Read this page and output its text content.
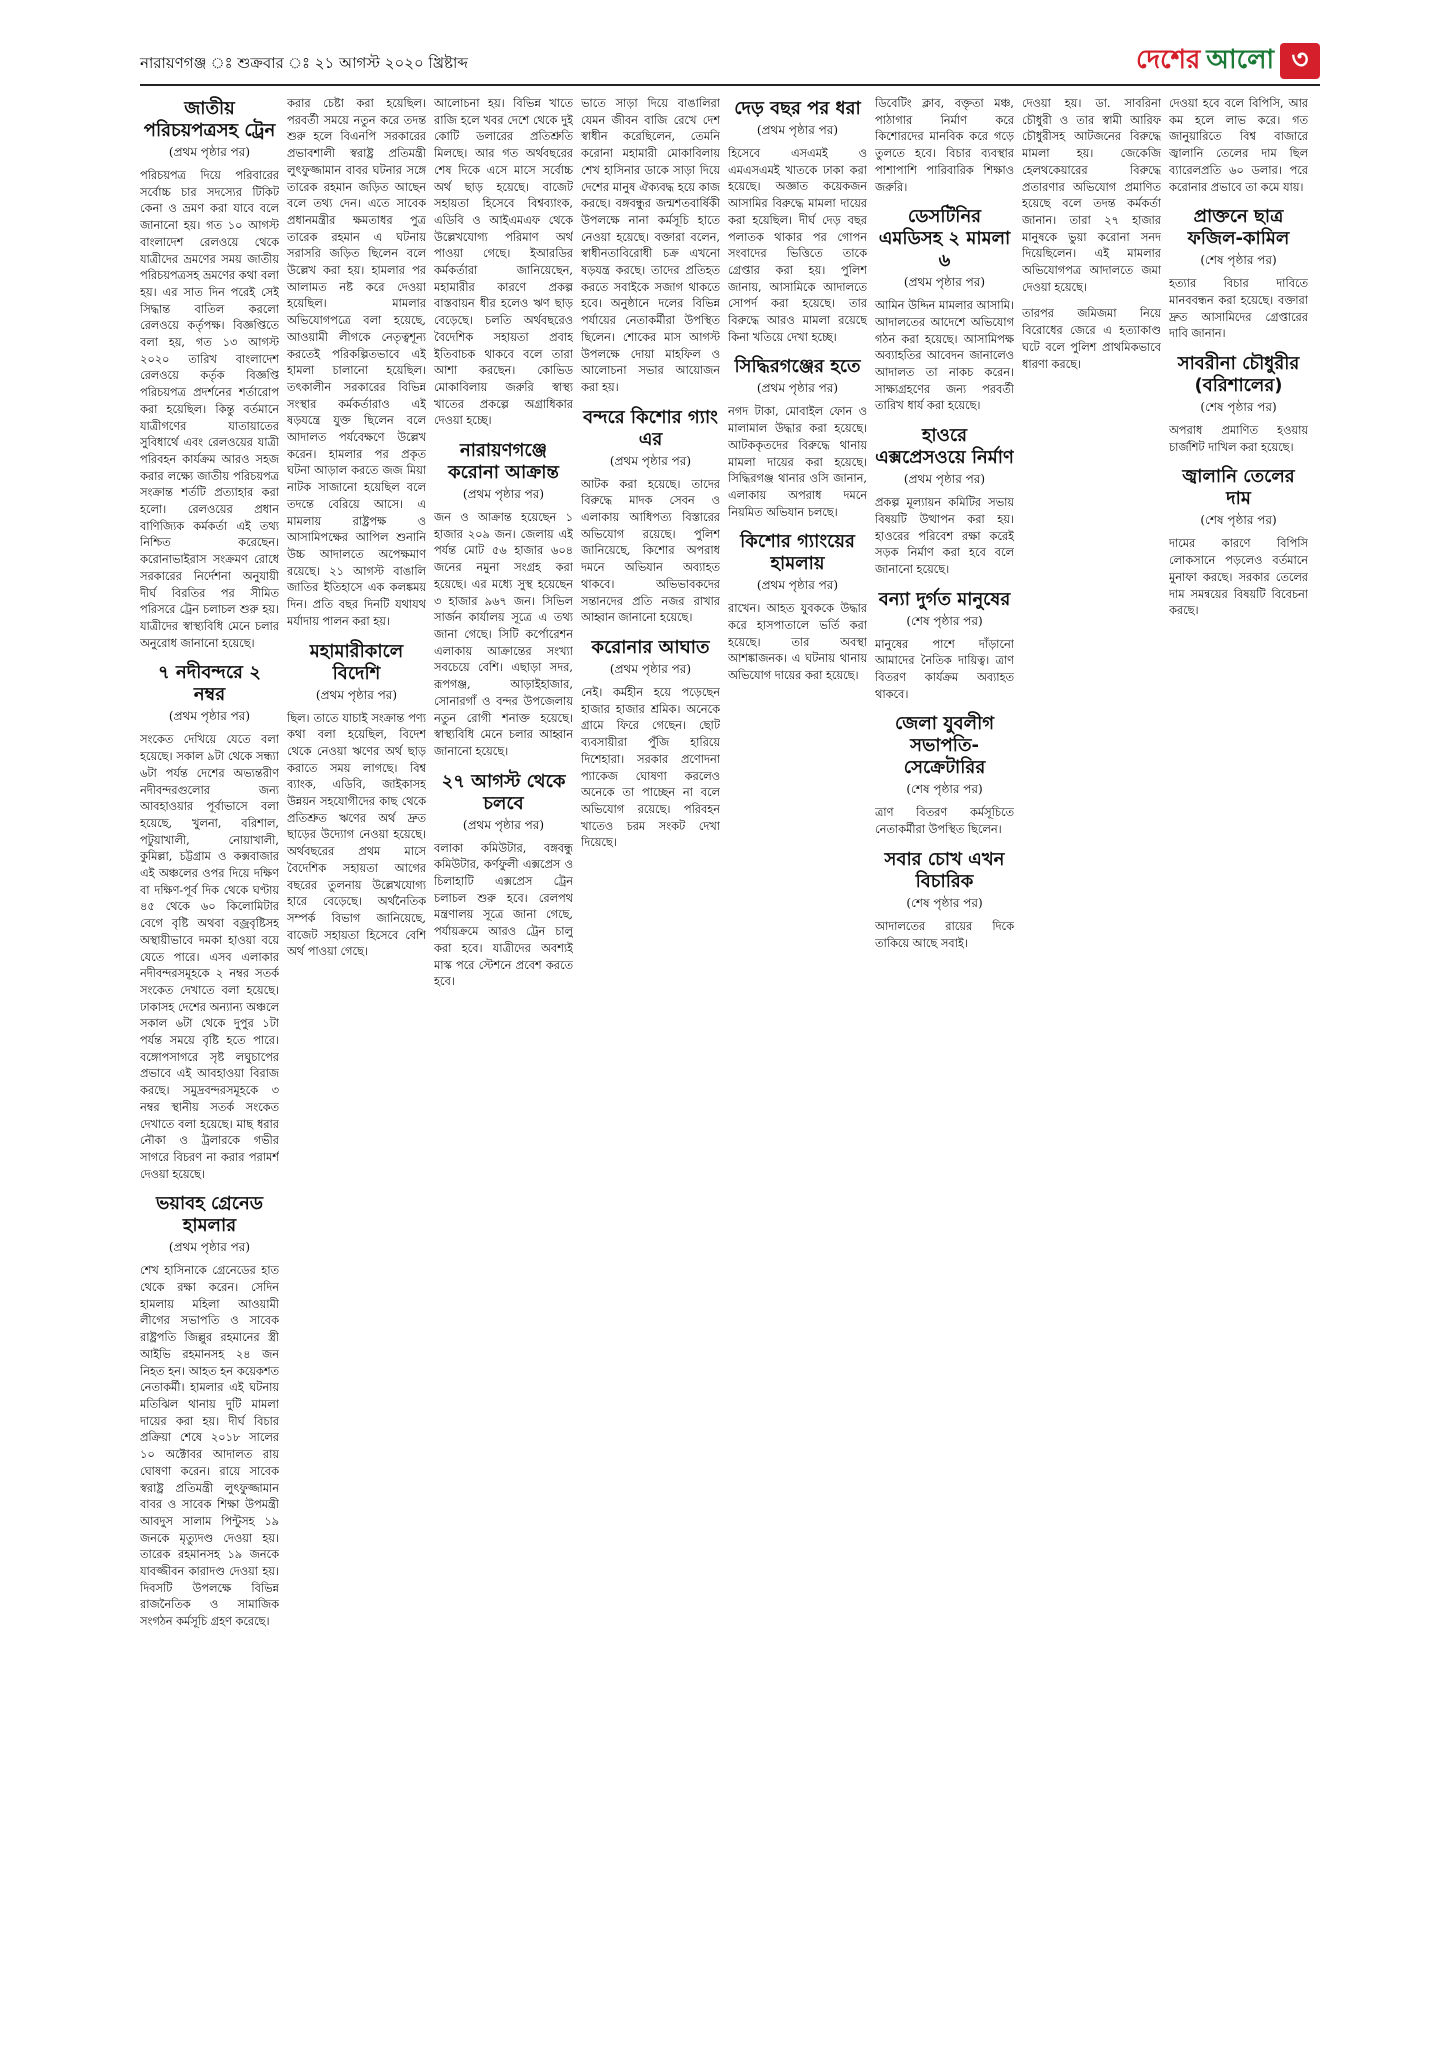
নারায়ণগঞ্জ ঃ শুক্রবার ঃ ২১ আগস্ট ২০২০ খ্রিষ্টাব্দ	দেশের আলো ৩
জাতীয় পরিচয়পত্রসহ ট্রেন
(প্রথম পৃষ্ঠার পর)
পরিচয়পত্র দিয়ে পরিবারের সর্বোচ্চ চার সদস্যের টিকিট কেনা ও ভ্রমণ করা যাবে বলে জানানো হয়। গত ১০ আগস্ট বাংলাদেশ রেলওয়ে থেকে যাত্রীদের ভ্রমণের সময় জাতীয় পরিচয়পত্রসহ ভ্রমণের কথা বলা হয়। এর সাত দিন পরেই সেই সিদ্ধান্ত বাতিল করলো রেলওয়ে কর্তৃপক্ষ। বিজ্ঞপ্তিতে বলা হয়, গত ১৩ আগস্ট ২০২০ তারিখ বাংলাদেশ রেলওয়ে কর্তৃক বিজ্ঞপ্তি পরিচয়পত্র প্রদর্শনের শর্তারোপ করা হয়েছিল। কিন্তু বর্তমানে যাত্রীগণের যাতায়াতের সুবিধার্থে এবং রেলওয়ের যাত্রী পরিবহন কার্যক্রম আরও সহজ করার লক্ষ্যে জাতীয় পরিচয়পত্র সংক্রান্ত শর্তটি প্রত্যাহার করা হলো। রেলওয়ের প্রধান বাণিজ্যিক কর্মকর্তা এই তথ্য নিশ্চিত করেছেন। করোনাভাইরাস সংক্রমণ রোধে সরকারের নির্দেশনা অনুযায়ী দীর্ঘ বিরতির পর সীমিত পরিসরে ট্রেন চলাচল শুরু হয়। যাত্রীদের স্বাস্থ্যবিধি মেনে চলার অনুরোধ জানানো হয়েছে।
৭ নদীবন্দরে ২ নম্বর
(প্রথম পৃষ্ঠার পর)
সংকেত দেখিয়ে যেতে বলা হয়েছে। সকাল ৯টা থেকে সন্ধ্যা ৬টা পর্যন্ত দেশের অভ্যন্তরীণ নদীবন্দরগুলোর জন্য আবহাওয়ার পূর্বাভাসে বলা হয়েছে, খুলনা, বরিশাল, পটুয়াখালী, নোয়াখালী, কুমিল্লা, চট্টগ্রাম ও কক্সবাজার এই অঞ্চলের ওপর দিয়ে দক্ষিণ বা দক্ষিণ-পূর্ব দিক থেকে ঘণ্টায় ৪৫ থেকে ৬০ কিলোমিটার বেগে বৃষ্টি অথবা বজ্রবৃষ্টিসহ অস্থায়ীভাবে দমকা হাওয়া বয়ে যেতে পারে। এসব এলাকার নদীবন্দরসমূহকে ২ নম্বর সতর্ক সংকেত দেখাতে বলা হয়েছে। ঢাকাসহ দেশের অন্যান্য অঞ্চলে সকাল ৬টা থেকে দুপুর ১টা পর্যন্ত সময়ে বৃষ্টি হতে পারে। বঙ্গোপসাগরে সৃষ্ট লঘুচাপের প্রভাবে এই আবহাওয়া বিরাজ করছে। সমুদ্রবন্দরসমূহকে ৩ নম্বর স্থানীয় সতর্ক সংকেত দেখাতে বলা হয়েছে। মাছ ধরার নৌকা ও ট্রলারকে গভীর সাগরে বিচরণ না করার পরামর্শ দেওয়া হয়েছে।
ভয়াবহ গ্রেনেড হামলার
(প্রথম পৃষ্ঠার পর)
শেখ হাসিনাকে গ্রেনেডের হাত থেকে রক্ষা করেন। সেদিন হামলায় মহিলা আওয়ামী লীগের সভাপতি ও সাবেক রাষ্ট্রপতি জিল্লুর রহমানের স্ত্রী আইভি রহমানসহ ২৪ জন নিহত হন। আহত হন কয়েকশত নেতাকর্মী। হামলার এই ঘটনায় মতিঝিল থানায় দুটি মামলা দায়ের করা হয়। দীর্ঘ বিচার প্রক্রিয়া শেষে ২০১৮ সালের ১০ অক্টোবর আদালত রায় ঘোষণা করেন। রায়ে সাবেক স্বরাষ্ট্র প্রতিমন্ত্রী লুৎফুজ্জামান বাবর ও সাবেক শিক্ষা উপমন্ত্রী আবদুস সালাম পিন্টুসহ ১৯ জনকে মৃত্যুদণ্ড দেওয়া হয়। তারেক রহমানসহ ১৯ জনকে যাবজ্জীবন কারাদণ্ড দেওয়া হয়। দিবসটি উপলক্ষে বিভিন্ন রাজনৈতিক ও সামাজিক সংগঠন কর্মসূচি গ্রহণ করেছে।
করার চেষ্টা করা হয়েছিল। পরবর্তী সময়ে নতুন করে তদন্ত শুরু হলে বিএনপি সরকারের প্রভাবশালী স্বরাষ্ট্র প্রতিমন্ত্রী লুৎফুজ্জামান বাবর ঘটনার সঙ্গে তারেক রহমান জড়িত আছেন বলে তথ্য দেন। এতে সাবেক প্রধানমন্ত্রীর ক্ষমতাধর পুত্র তারেক রহমান এ ঘটনায় সরাসরি জড়িত ছিলেন বলে উল্লেখ করা হয়। হামলার পর আলামত নষ্ট করে দেওয়া হয়েছিল। মামলার অভিযোগপত্রে বলা হয়েছে, আওয়ামী লীগকে নেতৃত্বশূন্য করতেই পরিকল্পিতভাবে এই হামলা চালানো হয়েছিল। তৎকালীন সরকারের বিভিন্ন সংস্থার কর্মকর্তারাও এই ষড়যন্ত্রে যুক্ত ছিলেন বলে আদালত পর্যবেক্ষণে উল্লেখ করেন। হামলার পর প্রকৃত ঘটনা আড়াল করতে জজ মিয়া নাটক সাজানো হয়েছিল বলে তদন্তে বেরিয়ে আসে। এ মামলায় রাষ্ট্রপক্ষ ও আসামিপক্ষের আপিল শুনানি উচ্চ আদালতে অপেক্ষমাণ রয়েছে। ২১ আগস্ট বাঙালি জাতির ইতিহাসে এক কলঙ্কময় দিন। প্রতি বছর দিনটি যথাযথ মর্যাদায় পালন করা হয়।
মহামারীকালে বিদেশি
(প্রথম পৃষ্ঠার পর)
ছিল। তাতে যাচাই সংক্রান্ত পণ্য কথা বলা হয়েছিল, বিদেশ থেকে নেওয়া ঋণের অর্থ ছাড় করাতে সময় লাগছে। বিশ্ব ব্যাংক, এডিবি, জাইকাসহ উন্নয়ন সহযোগীদের কাছ থেকে প্রতিশ্রুত ঋণের অর্থ দ্রুত ছাড়ের উদ্যোগ নেওয়া হয়েছে। অর্থবছরের প্রথম মাসে বৈদেশিক সহায়তা আগের বছরের তুলনায় উল্লেখযোগ্য হারে বেড়েছে। অর্থনৈতিক সম্পর্ক বিভাগ জানিয়েছে, বাজেট সহায়তা হিসেবে বেশি অর্থ পাওয়া গেছে।
আলোচনা হয়। বিভিন্ন খাতে রাজি হলে খবর দেশে থেকে দুই কোটি ডলারের প্রতিশ্রুতি মিলছে। আর গত অর্থবছরের শেষ দিকে এসে মাসে সর্বোচ্চ অর্থ ছাড় হয়েছে। বাজেট সহায়তা হিসেবে বিশ্বব্যাংক, এডিবি ও আইএমএফ থেকে উল্লেখযোগ্য পরিমাণ অর্থ পাওয়া গেছে। ইআরডির কর্মকর্তারা জানিয়েছেন, মহামারীর কারণে প্রকল্প বাস্তবায়ন ধীর হলেও ঋণ ছাড় বেড়েছে। চলতি অর্থবছরেও বৈদেশিক সহায়তা প্রবাহ ইতিবাচক থাকবে বলে তারা আশা করছেন। কোভিড মোকাবিলায় জরুরি স্বাস্থ্য খাতের প্রকল্পে অগ্রাধিকার দেওয়া হচ্ছে।
নারায়ণগঞ্জে করোনা আক্রান্ত
(প্রথম পৃষ্ঠার পর)
জন ও আক্রান্ত হয়েছেন ১ হাজার ২০৯ জন। জেলায় এই পর্যন্ত মোট ৫৬ হাজার ৬০৪ জনের নমুনা সংগ্রহ করা হয়েছে। এর মধ্যে সুস্থ হয়েছেন ৩ হাজার ৯৬৭ জন। সিভিল সার্জন কার্যালয় সূত্রে এ তথ্য জানা গেছে। সিটি কর্পোরেশন এলাকায় আক্রান্তের সংখ্যা সবচেয়ে বেশি। এছাড়া সদর, রূপগঞ্জ, আড়াইহাজার, সোনারগাঁ ও বন্দর উপজেলায় নতুন রোগী শনাক্ত হয়েছে। স্বাস্থ্যবিধি মেনে চলার আহ্বান জানানো হয়েছে।
২৭ আগস্ট থেকে চলবে
(প্রথম পৃষ্ঠার পর)
বলাকা কমিউটার, বঙ্গবন্ধু কমিউটার, কর্ণফুলী এক্সপ্রেস ও চিলাহাটি এক্সপ্রেস ট্রেন চলাচল শুরু হবে। রেলপথ মন্ত্রণালয় সূত্রে জানা গেছে, পর্যায়ক্রমে আরও ট্রেন চালু করা হবে। যাত্রীদের অবশ্যই মাস্ক পরে স্টেশনে প্রবেশ করতে হবে।
ভাতে সাড়া দিয়ে বাঙালিরা যেমন জীবন বাজি রেখে দেশ স্বাধীন করেছিলেন, তেমনি করোনা মহামারী মোকাবিলায় শেখ হাসিনার ডাকে সাড়া দিয়ে দেশের মানুষ ঐক্যবদ্ধ হয়ে কাজ করছে। বঙ্গবন্ধুর জন্মশতবার্ষিকী উপলক্ষে নানা কর্মসূচি হাতে নেওয়া হয়েছে। বক্তারা বলেন, স্বাধীনতাবিরোধী চক্র এখনো ষড়যন্ত্র করছে। তাদের প্রতিহত করতে সবাইকে সজাগ থাকতে হবে। অনুষ্ঠানে দলের বিভিন্ন পর্যায়ের নেতাকর্মীরা উপস্থিত ছিলেন। শোকের মাস আগস্ট উপলক্ষে দোয়া মাহফিল ও আলোচনা সভার আয়োজন করা হয়।
বন্দরে কিশোর গ্যাং এর
(প্রথম পৃষ্ঠার পর)
আটক করা হয়েছে। তাদের বিরুদ্ধে মাদক সেবন ও এলাকায় আধিপত্য বিস্তারের অভিযোগ রয়েছে। পুলিশ জানিয়েছে, কিশোর অপরাধ দমনে অভিযান অব্যাহত থাকবে। অভিভাবকদের সন্তানদের প্রতি নজর রাখার আহ্বান জানানো হয়েছে।
করোনার আঘাত
(প্রথম পৃষ্ঠার পর)
নেই। কর্মহীন হয়ে পড়েছেন হাজার হাজার শ্রমিক। অনেকে গ্রামে ফিরে গেছেন। ছোট ব্যবসায়ীরা পুঁজি হারিয়ে দিশেহারা। সরকার প্রণোদনা প্যাকেজ ঘোষণা করলেও অনেকে তা পাচ্ছেন না বলে অভিযোগ রয়েছে। পরিবহন খাতেও চরম সংকট দেখা দিয়েছে।
দেড় বছর পর ধরা
(প্রথম পৃষ্ঠার পর)
হিসেবে এসএমই ও এমএসএমই খাতকে ঢাকা করা হয়েছে। অজ্ঞাত কয়েকজন আসামির বিরুদ্ধে মামলা দায়ের করা হয়েছিল। দীর্ঘ দেড় বছর পলাতক থাকার পর গোপন সংবাদের ভিত্তিতে তাকে গ্রেপ্তার করা হয়। পুলিশ জানায়, আসামিকে আদালতে সোপর্দ করা হয়েছে। তার বিরুদ্ধে আরও মামলা রয়েছে কিনা খতিয়ে দেখা হচ্ছে।
সিদ্ধিরগঞ্জের হতে
(প্রথম পৃষ্ঠার পর)
নগদ টাকা, মোবাইল ফোন ও মালামাল উদ্ধার করা হয়েছে। আটককৃতদের বিরুদ্ধে থানায় মামলা দায়ের করা হয়েছে। সিদ্ধিরগঞ্জ থানার ওসি জানান, এলাকায় অপরাধ দমনে নিয়মিত অভিযান চলছে।
কিশোর গ্যাংয়ের হামলায়
(প্রথম পৃষ্ঠার পর)
রাখেন। আহত যুবককে উদ্ধার করে হাসপাতালে ভর্তি করা হয়েছে। তার অবস্থা আশঙ্কাজনক। এ ঘটনায় থানায় অভিযোগ দায়ের করা হয়েছে।
ডিবেটিং ক্লাব, বক্তৃতা মঞ্চ, পাঠাগার নির্মাণ করে কিশোরদের মানবিক করে গড়ে তুলতে হবে। বিচার ব্যবস্থার পাশাপাশি পারিবারিক শিক্ষাও জরুরি।
ডেসটিনির এমডিসহ ২ মামলা ৬
(প্রথম পৃষ্ঠার পর)
আমিন উদ্দিন মামলার আসামি। আদালতের আদেশে অভিযোগ গঠন করা হয়েছে। আসামিপক্ষ অব্যাহতির আবেদন জানালেও আদালত তা নাকচ করেন। সাক্ষ্যগ্রহণের জন্য পরবর্তী তারিখ ধার্য করা হয়েছে।
হাওরে এক্সপ্রেসওয়ে নির্মাণ
(প্রথম পৃষ্ঠার পর)
প্রকল্প মূল্যায়ন কমিটির সভায় বিষয়টি উত্থাপন করা হয়। হাওরের পরিবেশ রক্ষা করেই সড়ক নির্মাণ করা হবে বলে জানানো হয়েছে।
বন্যা দুর্গত মানুষের
(শেষ পৃষ্ঠার পর)
মানুষের পাশে দাঁড়ানো আমাদের নৈতিক দায়িত্ব। ত্রাণ বিতরণ কার্যক্রম অব্যাহত থাকবে।
জেলা যুবলীগ সভাপতি-সেক্রেটারির
(শেষ পৃষ্ঠার পর)
ত্রাণ বিতরণ কর্মসূচিতে নেতাকর্মীরা উপস্থিত ছিলেন।
সবার চোখ এখন বিচারিক
(শেষ পৃষ্ঠার পর)
আদালতের রায়ের দিকে তাকিয়ে আছে সবাই।
দেওয়া হয়। ডা. সাবরিনা চৌধুরী ও তার স্বামী আরিফ চৌধুরীসহ আটজনের বিরুদ্ধে মামলা হয়। জেকেজি হেলথকেয়ারের বিরুদ্ধে প্রতারণার অভিযোগ প্রমাণিত হয়েছে বলে তদন্ত কর্মকর্তা জানান। তারা ২৭ হাজার মানুষকে ভুয়া করোনা সনদ দিয়েছিলেন। এই মামলার অভিযোগপত্র আদালতে জমা দেওয়া হয়েছে।
তারপর জমিজমা নিয়ে বিরোধের জেরে এ হত্যাকাণ্ড ঘটে বলে পুলিশ প্রাথমিকভাবে ধারণা করছে।
দেওয়া হবে বলে বিপিসি, আর কম হলে লাভ করে। গত জানুয়ারিতে বিশ্ব বাজারে জ্বালানি তেলের দাম ছিল ব্যারেলপ্রতি ৬০ ডলার। পরে করোনার প্রভাবে তা কমে যায়।
প্রাক্তনে ছাত্র ফজিল-কামিল
(শেষ পৃষ্ঠার পর)
হত্যার বিচার দাবিতে মানববন্ধন করা হয়েছে। বক্তারা দ্রুত আসামিদের গ্রেপ্তারের দাবি জানান।
সাবরীনা চৌধুরীর (বরিশালের)
(শেষ পৃষ্ঠার পর)
অপরাধ প্রমাণিত হওয়ায় চার্জশিট দাখিল করা হয়েছে।
জ্বালানি তেলের দাম
(শেষ পৃষ্ঠার পর)
দামের কারণে বিপিসি লোকসানে পড়লেও বর্তমানে মুনাফা করছে। সরকার তেলের দাম সমন্বয়ের বিষয়টি বিবেচনা করছে।
